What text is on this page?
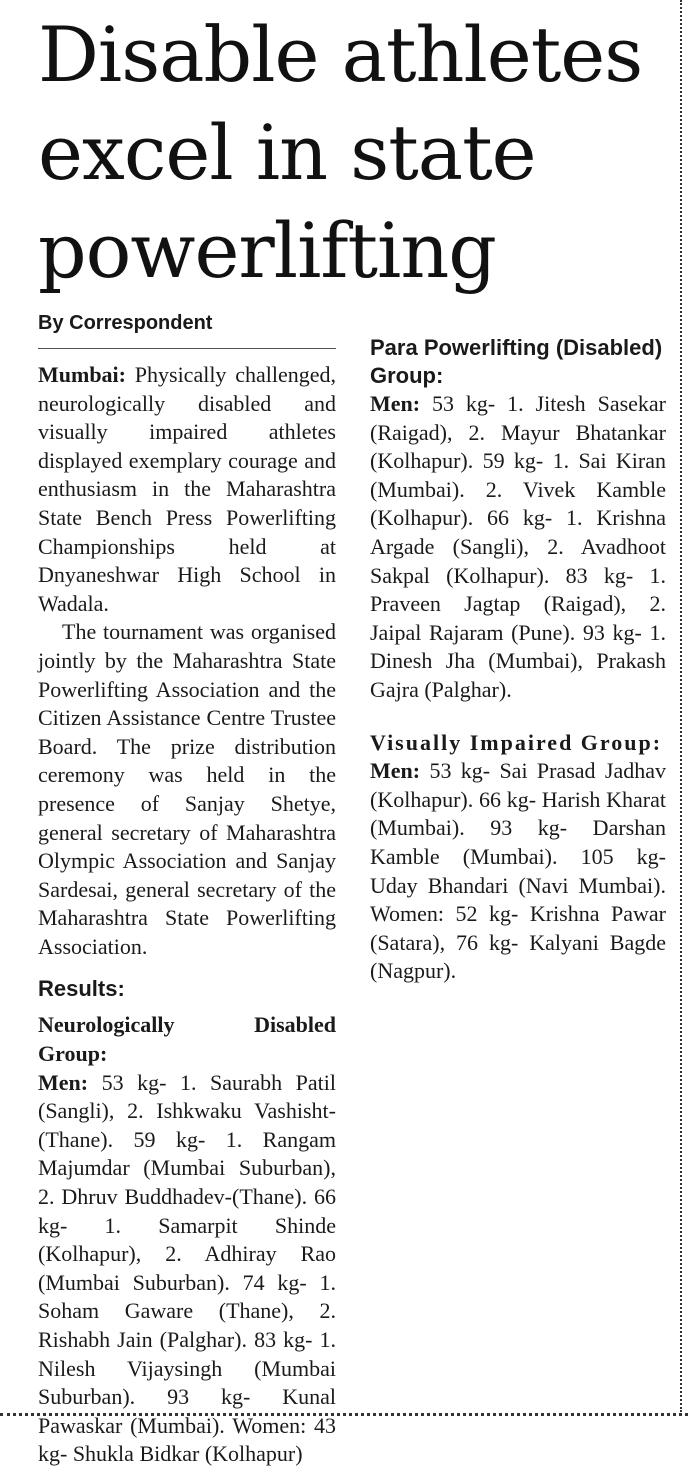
Disable athletes excel in state powerlifting
By Correspondent

Mumbai: Physically challenged, neurologically disabled and visually impaired athletes displayed exemplary courage and enthusiasm in the Maharashtra State Bench Press Powerlifting Championships held at Dnyaneshwar High School in Wadala.

The tournament was organised jointly by the Maharashtra State Powerlifting Association and the Citizen Assistance Centre Trustee Board. The prize distribution ceremony was held in the presence of Sanjay Shetye, general secretary of Maharashtra Olympic Association and Sanjay Sardesai, general secretary of the Maharashtra State Powerlifting Association.

Results:

Neurologically Disabled Group:

Men: 53 kg- 1. Saurabh Patil (Sangli), 2. Ishkwaku Vashisht-(Thane). 59 kg- 1. Rangam Majumdar (Mumbai Suburban), 2. Dhruv Buddhadev-(Thane). 66 kg- 1. Samarpit Shinde (Kolhapur), 2. Adhiray Rao (Mumbai Suburban). 74 kg- 1. Soham Gaware (Thane), 2. Rishabh Jain (Palghar). 83 kg- 1. Nilesh Vijaysingh (Mumbai Suburban). 93 kg- Kunal Pawaskar (Mumbai). Women: 43 kg- Shukla Bidkar (Kolhapur)

Para Powerlifting (Disabled) Group:

Men: 53 kg- 1. Jitesh Sasekar (Raigad), 2. Mayur Bhatankar (Kolhapur). 59 kg- 1. Sai Kiran (Mumbai). 2. Vivek Kamble (Kolhapur). 66 kg- 1. Krishna Argade (Sangli), 2. Avadhoot Sakpal (Kolhapur). 83 kg- 1. Praveen Jagtap (Raigad), 2. Jaipal Rajaram (Pune). 93 kg- 1. Dinesh Jha (Mumbai), Prakash Gajra (Palghar).

Visually Impaired Group:

Men: 53 kg- Sai Prasad Jadhav (Kolhapur). 66 kg- Harish Kharat (Mumbai). 93 kg- Darshan Kamble (Mumbai). 105 kg- Uday Bhandari (Navi Mumbai). Women: 52 kg- Krishna Pawar (Satara), 76 kg- Kalyani Bagde (Nagpur).
